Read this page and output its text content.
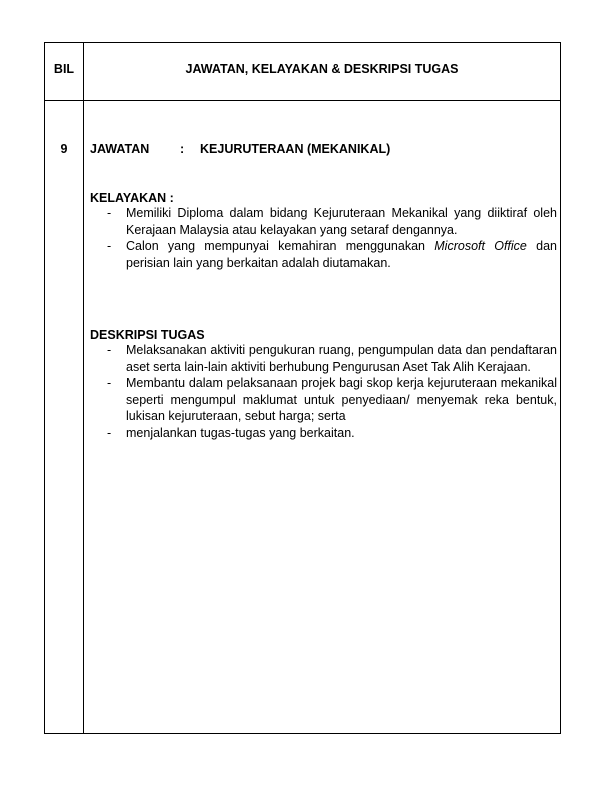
BIL	JAWATAN, KELAYAKAN & DESKRIPSI TUGAS
9	JAWATAN	:	KEJURUTERAAN (MEKANIKAL)

KELAYAKAN :

- Memiliki Diploma dalam bidang Kejuruteraan Mekanikal yang diiktiraf oleh Kerajaan Malaysia atau kelayakan yang setaraf dengannya.
- Calon yang mempunyai kemahiran menggunakan Microsoft Office dan perisian lain yang berkaitan adalah diutamakan.

DESKRIPSI TUGAS

- Melaksanakan aktiviti pengukuran ruang, pengumpulan data dan pendaftaran aset serta lain-lain aktiviti berhubung Pengurusan Aset Tak Alih Kerajaan.
- Membantu dalam pelaksanaan projek bagi skop kerja kejuruteraan mekanikal seperti mengumpul maklumat untuk penyediaan/ menyemak reka bentuk, lukisan kejuruteraan, sebut harga; serta
- menjalankan tugas-tugas yang berkaitan.
